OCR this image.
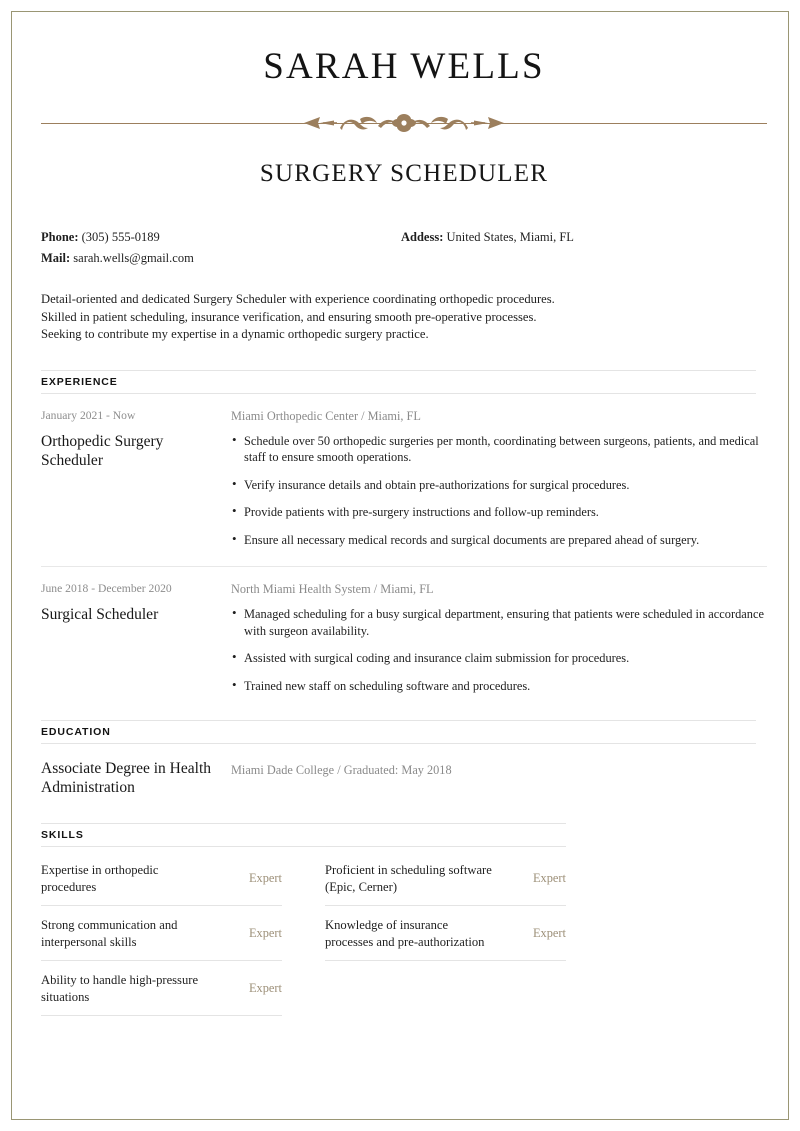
SARAH WELLS
SURGERY SCHEDULER
Phone: (305) 555-0189
Mail: sarah.wells@gmail.com
Addess: United States, Miami, FL
Detail-oriented and dedicated Surgery Scheduler with experience coordinating orthopedic procedures.
Skilled in patient scheduling, insurance verification, and ensuring smooth pre-operative processes.
Seeking to contribute my expertise in a dynamic orthopedic surgery practice.
EXPERIENCE
January 2021 - Now
Orthopedic Surgery Scheduler
Miami Orthopedic Center / Miami, FL
• Schedule over 50 orthopedic surgeries per month, coordinating between surgeons, patients, and medical staff to ensure smooth operations.
• Verify insurance details and obtain pre-authorizations for surgical procedures.
• Provide patients with pre-surgery instructions and follow-up reminders.
• Ensure all necessary medical records and surgical documents are prepared ahead of surgery.
June 2018 - December 2020
Surgical Scheduler
North Miami Health System / Miami, FL
• Managed scheduling for a busy surgical department, ensuring that patients were scheduled in accordance with surgeon availability.
• Assisted with surgical coding and insurance claim submission for procedures.
• Trained new staff on scheduling software and procedures.
EDUCATION
Associate Degree in Health Administration
Miami Dade College / Graduated: May 2018
SKILLS
Expertise in orthopedic procedures
Expert
Strong communication and interpersonal skills
Expert
Ability to handle high-pressure situations
Expert
Proficient in scheduling software (Epic, Cerner)
Expert
Knowledge of insurance processes and pre-authorization
Expert
